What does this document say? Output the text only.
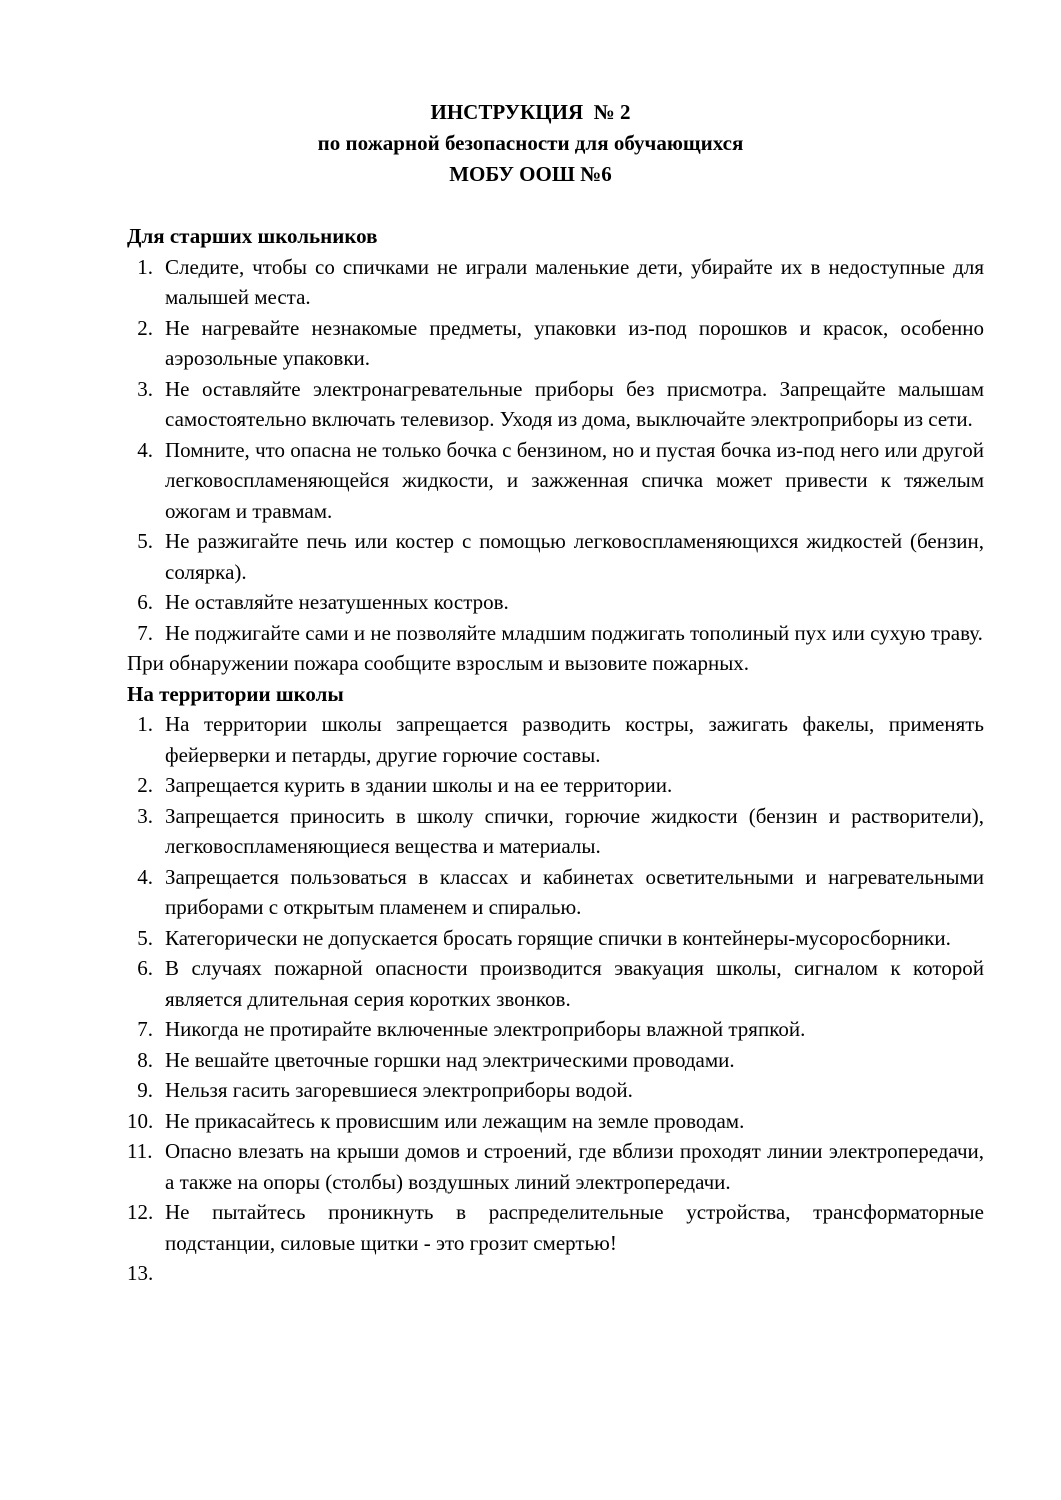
ИНСТРУКЦИЯ  № 2
по пожарной безопасности для обучающихся
МОБУ ООШ №6

Для старших школьников

1. Следите, чтобы со спичками не играли маленькие дети, убирайте их в недоступные для малышей места.
2. Не нагревайте незнакомые предметы, упаковки из-под порошков и красок, особенно аэрозольные упаковки.
3. Не оставляйте электронагревательные приборы без присмотра. Запрещайте малышам самостоятельно включать телевизор. Уходя из дома, выключайте электроприборы из сети.
4. Помните, что опасна не только бочка с бензином, но и пустая бочка из-под него или другой легковоспламеняющейся жидкости, и зажженная спичка может привести к тяжелым ожогам и травмам.
5. Не разжигайте печь или костер с помощью легковоспламеняющихся жидкостей (бензин, солярка).
6. Не оставляйте незатушенных костров.
7. Не поджигайте сами и не позволяйте младшим поджигать тополиный пух или сухую траву.

При обнаружении пожара сообщите взрослым и вызовите пожарных.

На территории школы

1. На территории школы запрещается разводить костры, зажигать факелы, применять фейерверки и петарды, другие горючие составы.
2. Запрещается курить в здании школы и на ее территории.
3. Запрещается приносить в школу спички, горючие жидкости (бензин и растворители), легковоспламеняющиеся вещества и материалы.
4. Запрещается пользоваться в классах и кабинетах осветительными и нагревательными приборами с открытым пламенем и спиралью.
5. Категорически не допускается бросать горящие спички в контейнеры-мусоросборники.
6. В случаях пожарной опасности производится эвакуация школы, сигналом к которой является длительная серия коротких звонков.
7. Никогда не протирайте включенные электроприборы влажной тряпкой.
8. Не вешайте цветочные горшки над электрическими проводами.
9. Нельзя гасить загоревшиеся электроприборы водой.
10. Не прикасайтесь к провисшим или лежащим на земле проводам.
11. Опасно влезать на крыши домов и строений, где вблизи проходят линии электропередачи, а также на опоры (столбы) воздушных линий электропередачи.
12. Не пытайтесь проникнуть в распределительные устройства, трансформаторные подстанции, силовые щитки - это грозит смертью!
13.
